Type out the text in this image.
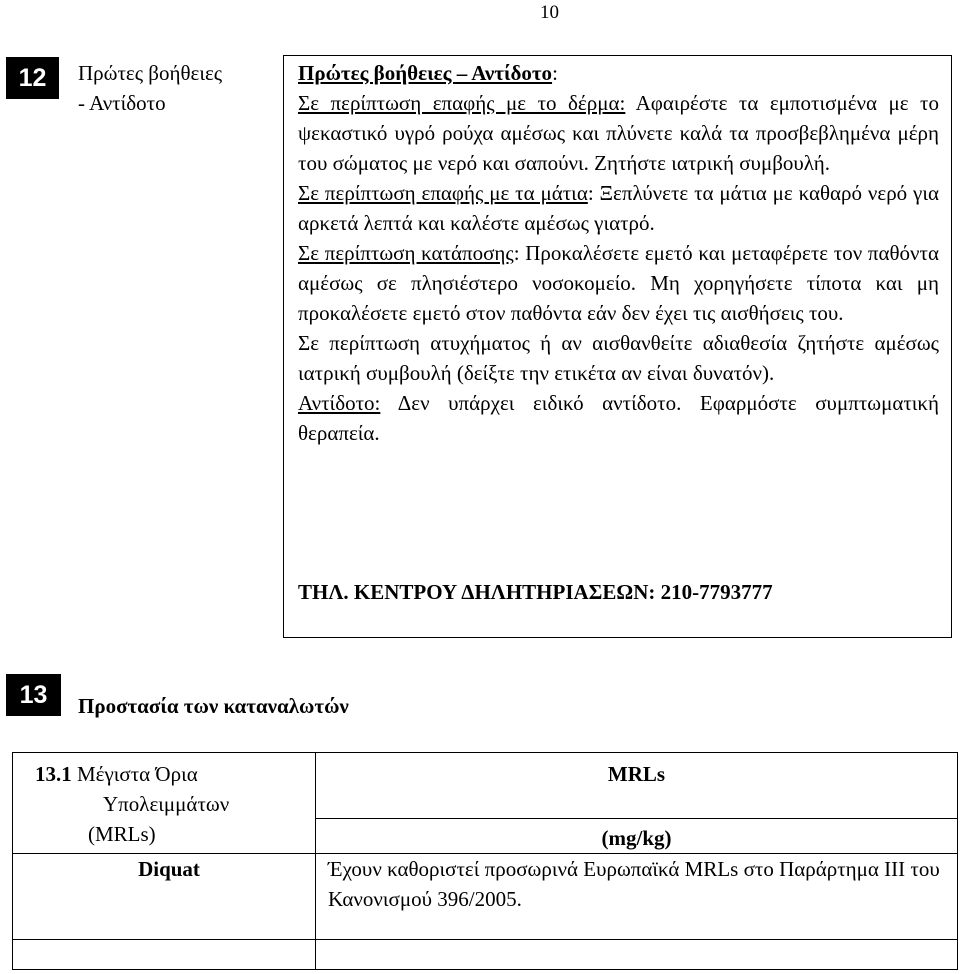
10
12	Πρώτες βοήθειες
- Αντίδοτο

Πρώτες βοήθειες – Αντίδοτο:

Σε περίπτωση επαφής με το δέρμα: Αφαιρέστε τα εμποτισμένα με το ψεκαστικό υγρό ρούχα αμέσως και πλύνετε καλά τα προσβεβλημένα μέρη του σώματος με νερό και σαπούνι. Ζητήστε ιατρική συμβουλή.

Σε περίπτωση επαφής με τα μάτια: Ξεπλύνετε τα μάτια με καθαρό νερό για αρκετά λεπτά και καλέστε αμέσως γιατρό.

Σε περίπτωση κατάποσης: Προκαλέσετε εμετό και μεταφέρετε τον παθόντα αμέσως σε πλησιέστερο νοσοκομείο. Μη χορηγήσετε τίποτα και μη προκαλέσετε εμετό στον παθόντα εάν δεν έχει τις αισθήσεις του.

Σε περίπτωση ατυχήματος ή αν αισθανθείτε αδιαθεσία ζητήστε αμέσως ιατρική συμβουλή (δείξτε την ετικέτα αν είναι δυνατόν).

Αντίδοτο: Δεν υπάρχει ειδικό αντίδοτο. Εφαρμόστε συμπτωματική θεραπεία.

ΤΗΛ. ΚΕΝΤΡΟΥ ΔΗΛΗΤΗΡΙΑΣΕΩΝ: 210-7793777
13	Προστασία των καταναλωτών
13.1 Μέγιστα Όρια
Υπολειμμάτων
(MRLs)	MRLs

	(mg/kg)

Diquat	Έχουν καθοριστεί προσωρινά Ευρωπαϊκά MRLs στο Παράρτημα III του Κανονισμού 396/2005.
